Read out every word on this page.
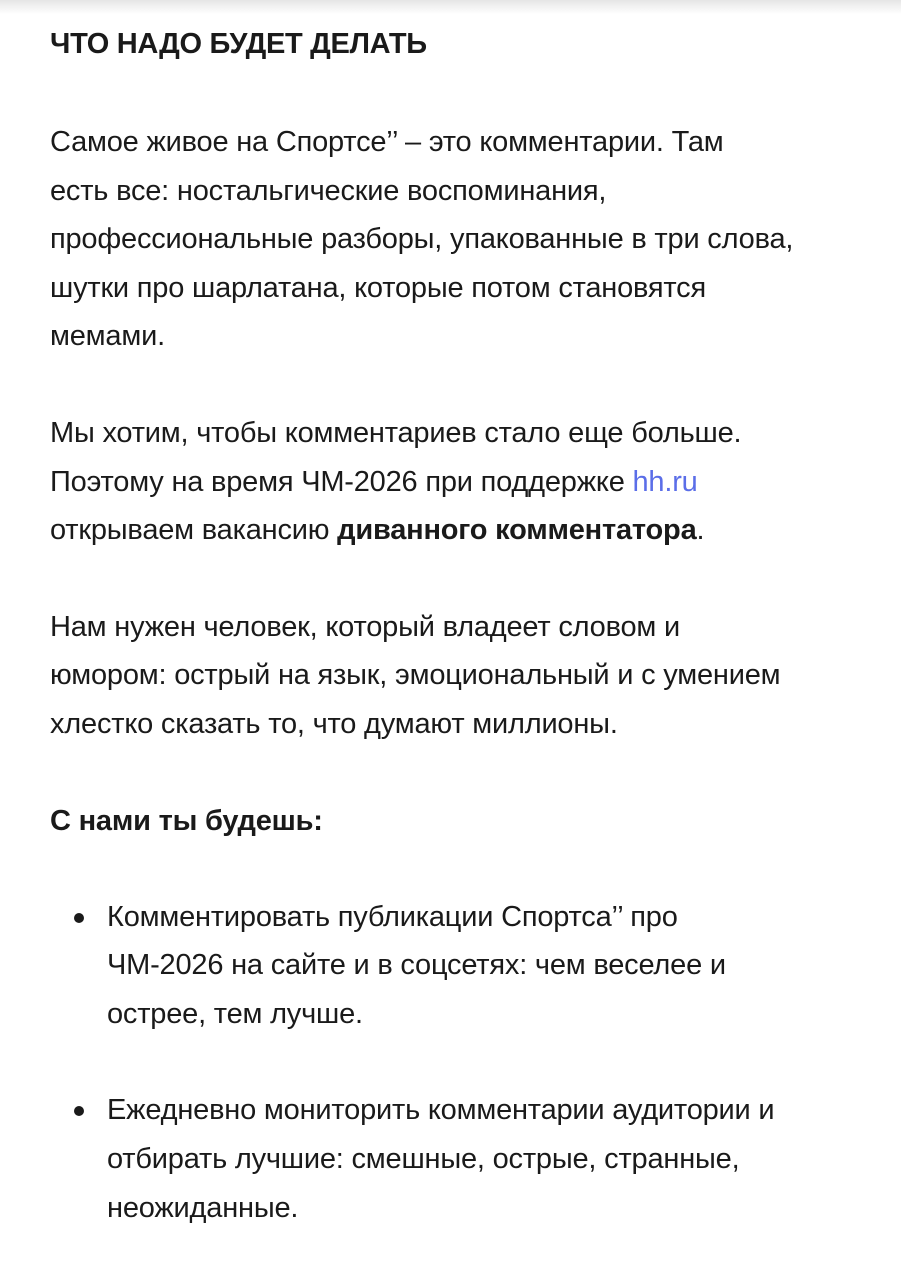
ЧТО НАДО БУДЕТ ДЕЛАТЬ

Самое живое на Спортсе’’ – это комментарии. Там
есть все: ностальгические воспоминания,
профессиональные разборы, упакованные в три слова,
шутки про шарлатана, которые потом становятся
мемами.

Мы хотим, чтобы комментариев стало еще больше.
Поэтому на время ЧМ-2026 при поддержке hh.ru
открываем вакансию диванного комментатора.

Нам нужен человек, который владеет словом и
юмором: острый на язык, эмоциональный и с умением
хлестко сказать то, что думают миллионы.

С нами ты будешь:
Комментировать публикации Спортса’’ про
ЧМ-2026 на сайте и в соцсетях: чем веселее и
острее, тем лучше.
Ежедневно мониторить комментарии аудитории и
отбирать лучшие: смешные, острые, странные,
неожиданные.
